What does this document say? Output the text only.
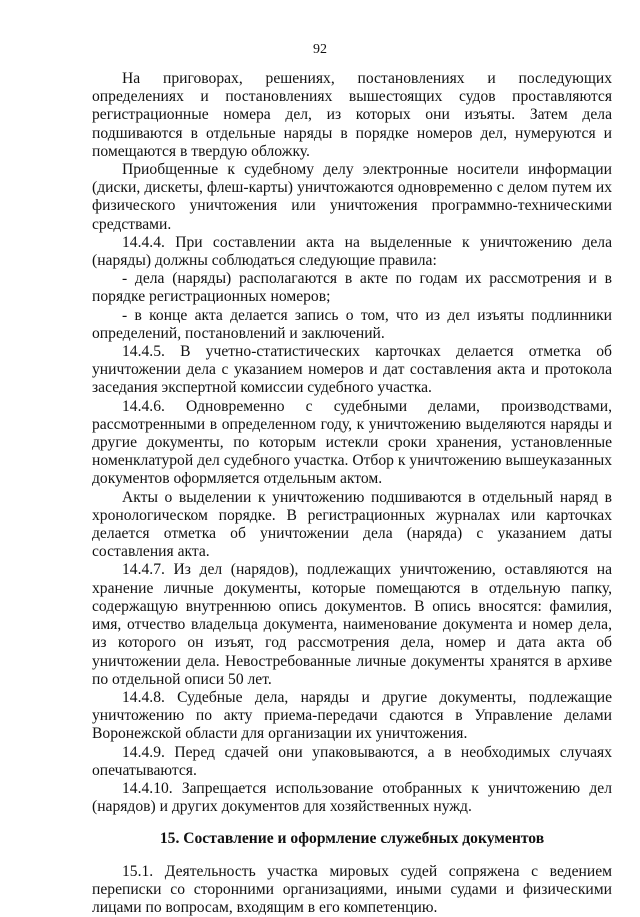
92

На приговорах, решениях, постановлениях и последующих определениях и постановлениях вышестоящих судов проставляются регистрационные номера дел, из которых они изъяты. Затем дела подшиваются в отдельные наряды в порядке номеров дел, нумеруются и помещаются в твердую обложку.

Приобщенные к судебному делу электронные носители информации (диски, дискеты, флеш-карты) уничтожаются одновременно с делом путем их физического уничтожения или уничтожения программно-техническими средствами.

14.4.4. При составлении акта на выделенные к уничтожению дела (наряды) должны соблюдаться следующие правила:

- дела (наряды) располагаются в акте по годам их рассмотрения и в порядке регистрационных номеров;

- в конце акта делается запись о том, что из дел изъяты подлинники определений, постановлений и заключений.

14.4.5. В учетно-статистических карточках делается отметка об уничтожении дела с указанием номеров и дат составления акта и протокола заседания экспертной комиссии судебного участка.

14.4.6. Одновременно с судебными делами, производствами, рассмотренными в определенном году, к уничтожению выделяются наряды и другие документы, по которым истекли сроки хранения, установленные номенклатурой дел судебного участка. Отбор к уничтожению вышеуказанных документов оформляется отдельным актом.

Акты о выделении к уничтожению подшиваются в отдельный наряд в хронологическом порядке. В регистрационных журналах или карточках делается отметка об уничтожении дела (наряда) с указанием даты составления акта.

14.4.7. Из дел (нарядов), подлежащих уничтожению, оставляются на хранение личные документы, которые помещаются в отдельную папку, содержащую внутреннюю опись документов. В опись вносятся: фамилия, имя, отчество владельца документа, наименование документа и номер дела, из которого он изъят, год рассмотрения дела, номер и дата акта об уничтожении дела. Невостребованные личные документы хранятся в архиве по отдельной описи 50 лет.

14.4.8. Судебные дела, наряды и другие документы, подлежащие уничтожению по акту приема-передачи сдаются в Управление делами Воронежской области для организации их уничтожения.

14.4.9. Перед сдачей они упаковываются, а в необходимых случаях опечатываются.

14.4.10. Запрещается использование отобранных к уничтожению дел (нарядов) и других документов для хозяйственных нужд.

15. Составление и оформление служебных документов

15.1. Деятельность участка мировых судей сопряжена с ведением переписки со сторонними организациями, иными судами и физическими лицами по вопросам, входящим в его компетенцию.
